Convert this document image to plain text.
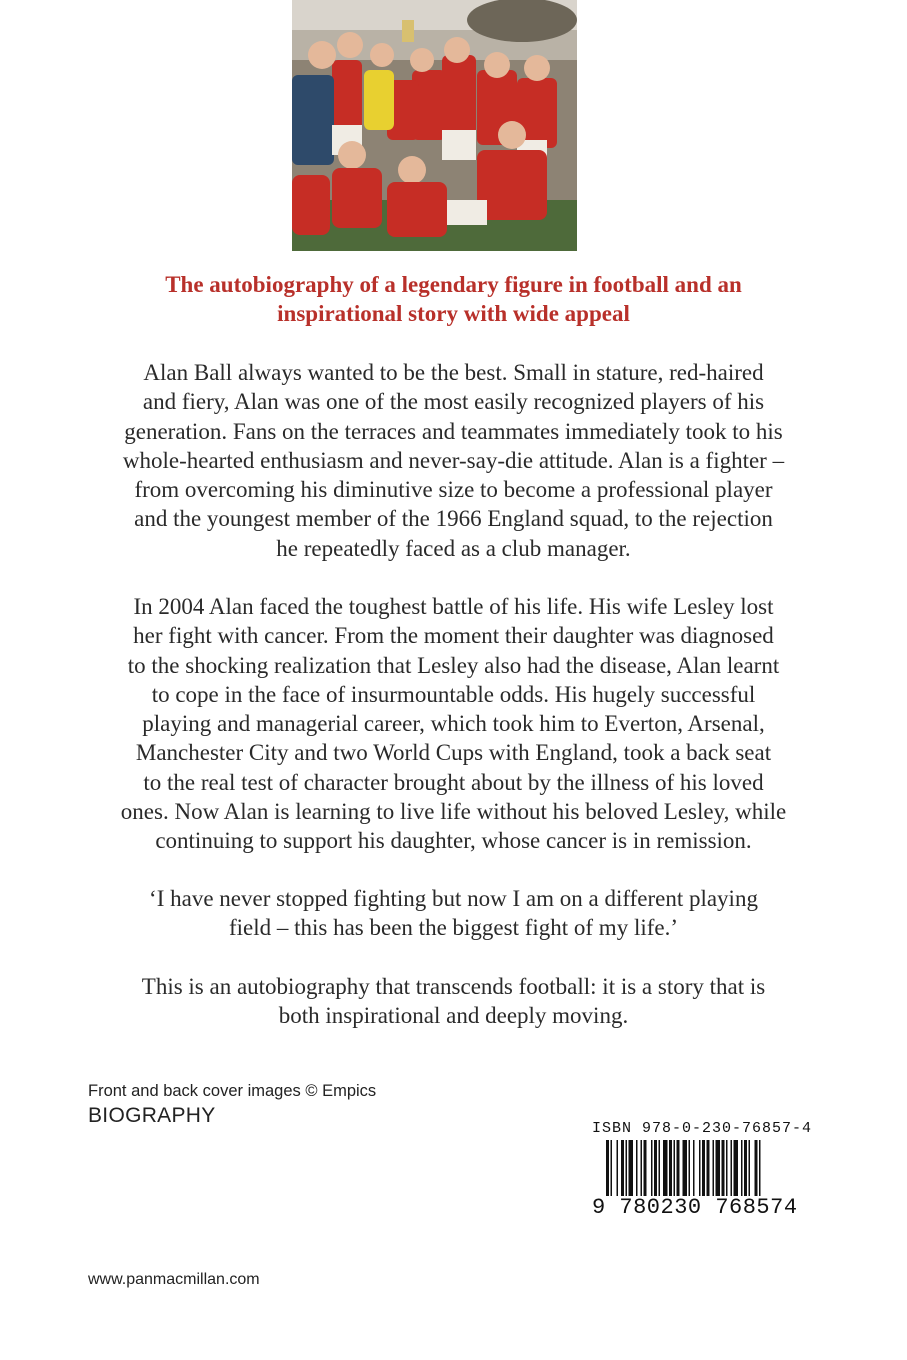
The autobiography of a legendary figure in football and an
inspirational story with wide appeal
Alan Ball always wanted to be the best. Small in stature, red-haired
and fiery, Alan was one of the most easily recognized players of his
generation. Fans on the terraces and teammates immediately took to his
whole-hearted enthusiasm and never-say-die attitude. Alan is a fighter –
from overcoming his diminutive size to become a professional player
and the youngest member of the 1966 England squad, to the rejection
he repeatedly faced as a club manager.
In 2004 Alan faced the toughest battle of his life. His wife Lesley lost
her fight with cancer. From the moment their daughter was diagnosed
to the shocking realization that Lesley also had the disease, Alan learnt
to cope in the face of insurmountable odds. His hugely successful
playing and managerial career, which took him to Everton, Arsenal,
Manchester City and two World Cups with England, took a back seat
to the real test of character brought about by the illness of his loved
ones. Now Alan is learning to live life without his beloved Lesley, while
continuing to support his daughter, whose cancer is in remission.
‘I have never stopped fighting but now I am on a different playing
field – this has been the biggest fight of my life.’
This is an autobiography that transcends football: it is a story that is
both inspirational and deeply moving.
Front and back cover images © Empics
BIOGRAPHY
ISBN 978-0-230-76857-4
9 780230 768574
www.panmacmillan.com
